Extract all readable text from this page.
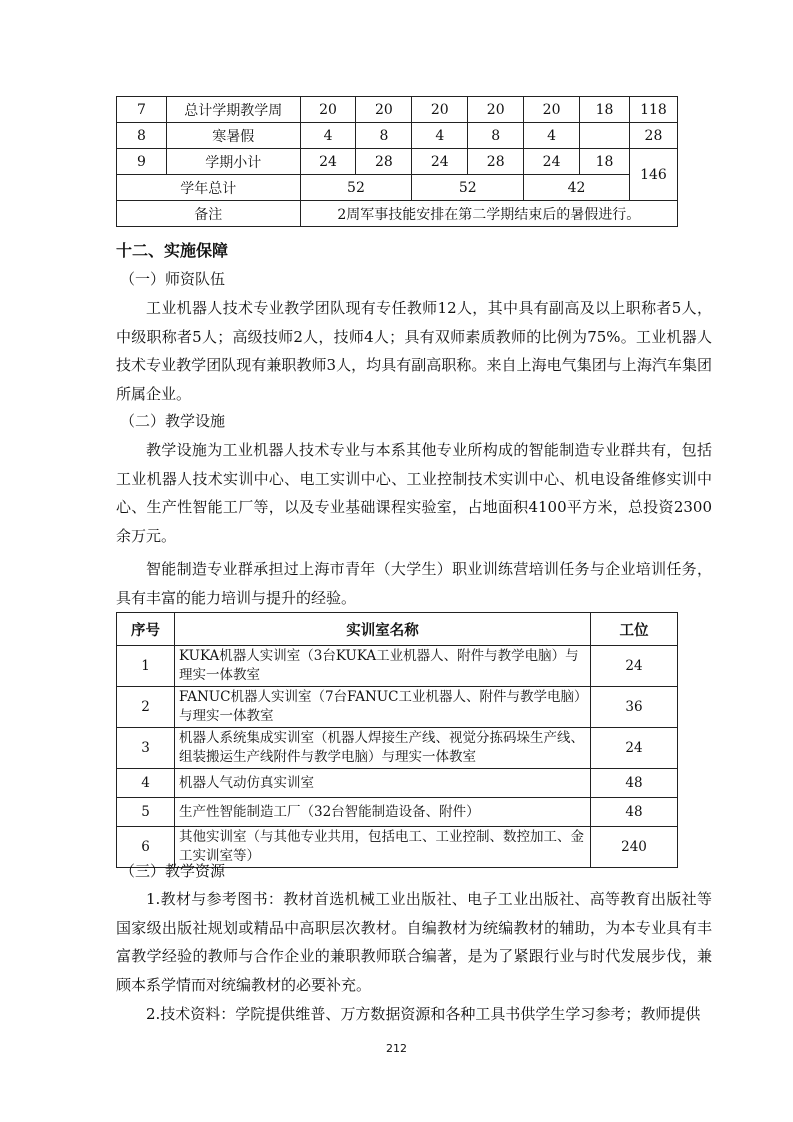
7	总计学期教学周	20	20	20	20	20	18	118
8	寒暑假	4	8	4	8	4		28
9	学期小计	24	28	24	28	24	18	146
学年总计		52		52		42		
备注		2周军事技能安排在第二学期结束后的暑假进行。						
十二、实施保障
（一）师资队伍
工业机器人技术专业教学团队现有专任教师12人，其中具有副高及以上职称者5人，中级职称者5人；高级技师2人，技师4人；具有双师素质教师的比例为75%。工业机器人技术专业教学团队现有兼职教师3人，均具有副高职称。来自上海电气集团与上海汽车集团所属企业。
（二）教学设施
教学设施为工业机器人技术专业与本系其他专业所构成的智能制造专业群共有，包括工业机器人技术实训中心、电工实训中心、工业控制技术实训中心、机电设备维修实训中心、生产性智能工厂等，以及专业基础课程实验室，占地面积4100平方米，总投资2300余万元。
智能制造专业群承担过上海市青年（大学生）职业训练营培训任务与企业培训任务，具有丰富的能力培训与提升的经验。
序号	实训室名称	工位
1	KUKA机器人实训室（3台KUKA工业机器人、附件与教学电脑）与理实一体教室	24
2	FANUC机器人实训室（7台FANUC工业机器人、附件与教学电脑）与理实一体教室	36
3	机器人系统集成实训室（机器人焊接生产线、视觉分拣码垛生产线、组装搬运生产线附件与教学电脑）与理实一体教室	24
4	机器人气动仿真实训室	48
5	生产性智能制造工厂（32台智能制造设备、附件）	48
6	其他实训室（与其他专业共用，包括电工、工业控制、数控加工、金工实训室等）	240
（三）教学资源
1.教材与参考图书：教材首选机械工业出版社、电子工业出版社、高等教育出版社等国家级出版社规划或精品中高职层次教材。自编教材为统编教材的辅助，为本专业具有丰富教学经验的教师与合作企业的兼职教师联合编著，是为了紧跟行业与时代发展步伐，兼顾本系学情而对统编教材的必要补充。
2.技术资料：学院提供维普、万方数据资源和各种工具书供学生学习参考；教师提供
212
